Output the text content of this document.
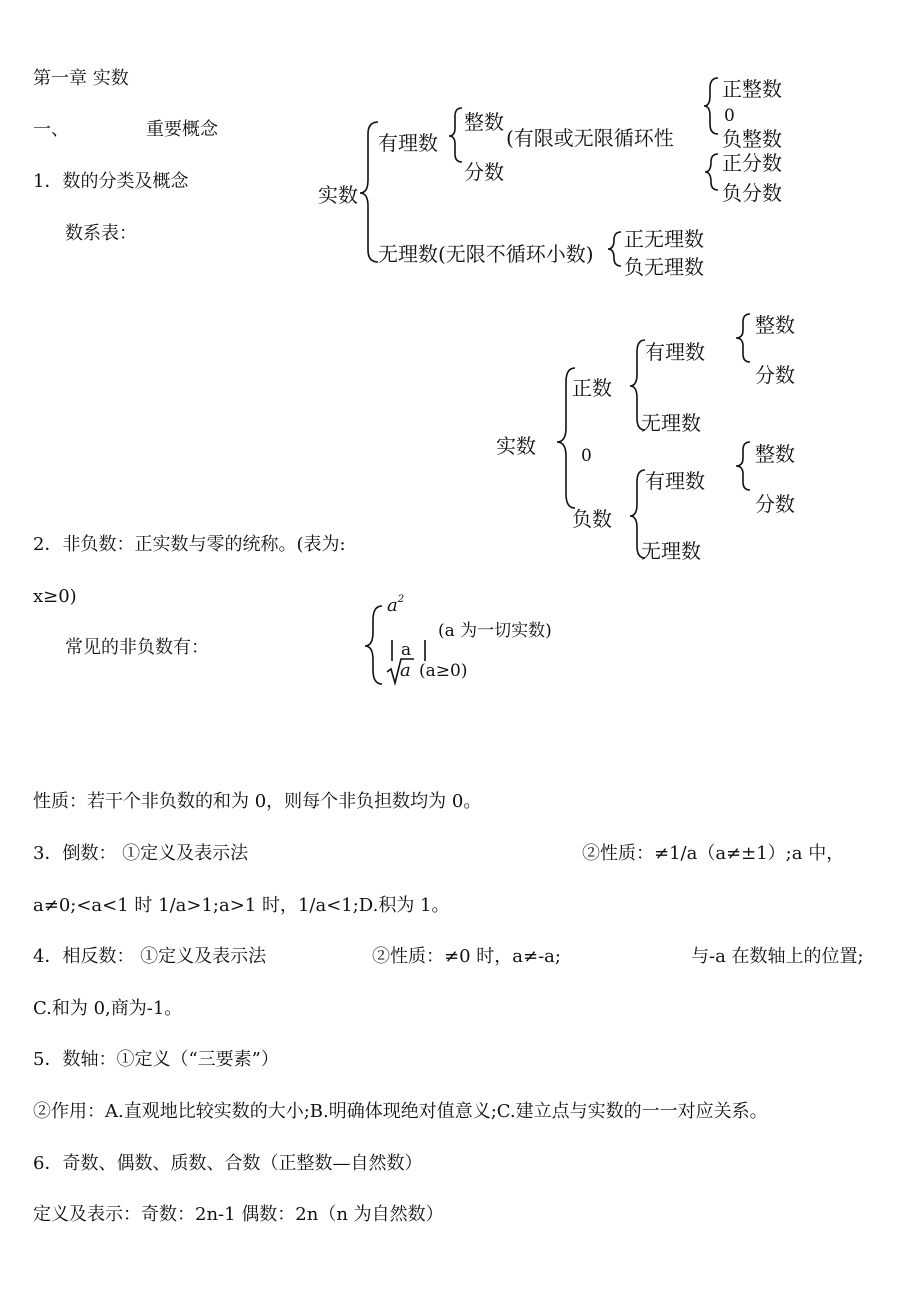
第一章 实数
一、	重要概念
1．数的分类及概念
数系表：
实数
有理数
整数
(有限或无限循环性
分数
正整数
0
负整数
正分数
负分数
无理数(无限不循环小数)
正无理数
负无理数
实数
正数
0
负数
有理数
无理数
整数
分数
有理数
无理数
整数
分数
2．非负数：正实数与零的统称。(表为:
x≥0)
常见的非负数有：
$a^2$
a
(a 为一切实数)
a (a≥0)
性质：若干个非负数的和为 0，则每个非负担数均为 0。
3．倒数： ①定义及表示法	②性质：≠1/a（a≠±1）;a 中，
a≠0;<a<1 时 1/a>1;a>1 时，1/a<1;D.积为 1。
4．相反数： ①定义及表示法	②性质：≠0 时，a≠-a;	与-a 在数轴上的位置;
C.和为 0,商为-1。
5．数轴：①定义（“三要素”）
②作用：A.直观地比较实数的大小;B.明确体现绝对值意义;C.建立点与实数的一一对应关系。
6．奇数、偶数、质数、合数（正整数—自然数）
定义及表示：奇数：2n-1 偶数：2n（n 为自然数）
